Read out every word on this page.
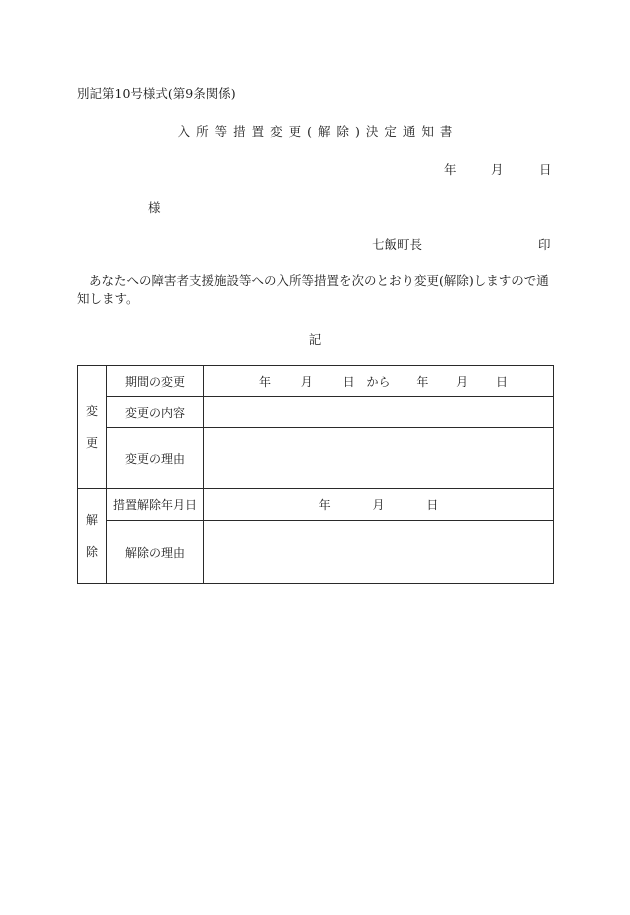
別記第10号様式(第9条関係)
入所等措置変更(解除)決定通知書
年	月	日
様
七飯町長	印
あなたへの障害者支援施設等への入所等措置を次のとおり変更(解除)しますので通知します。
記
変
更	期間の変更	年 月 日 から 年 月 日
	変更の内容	
	変更の理由	

解
除	措置解除年月日	年 月 日
	解除の理由	
